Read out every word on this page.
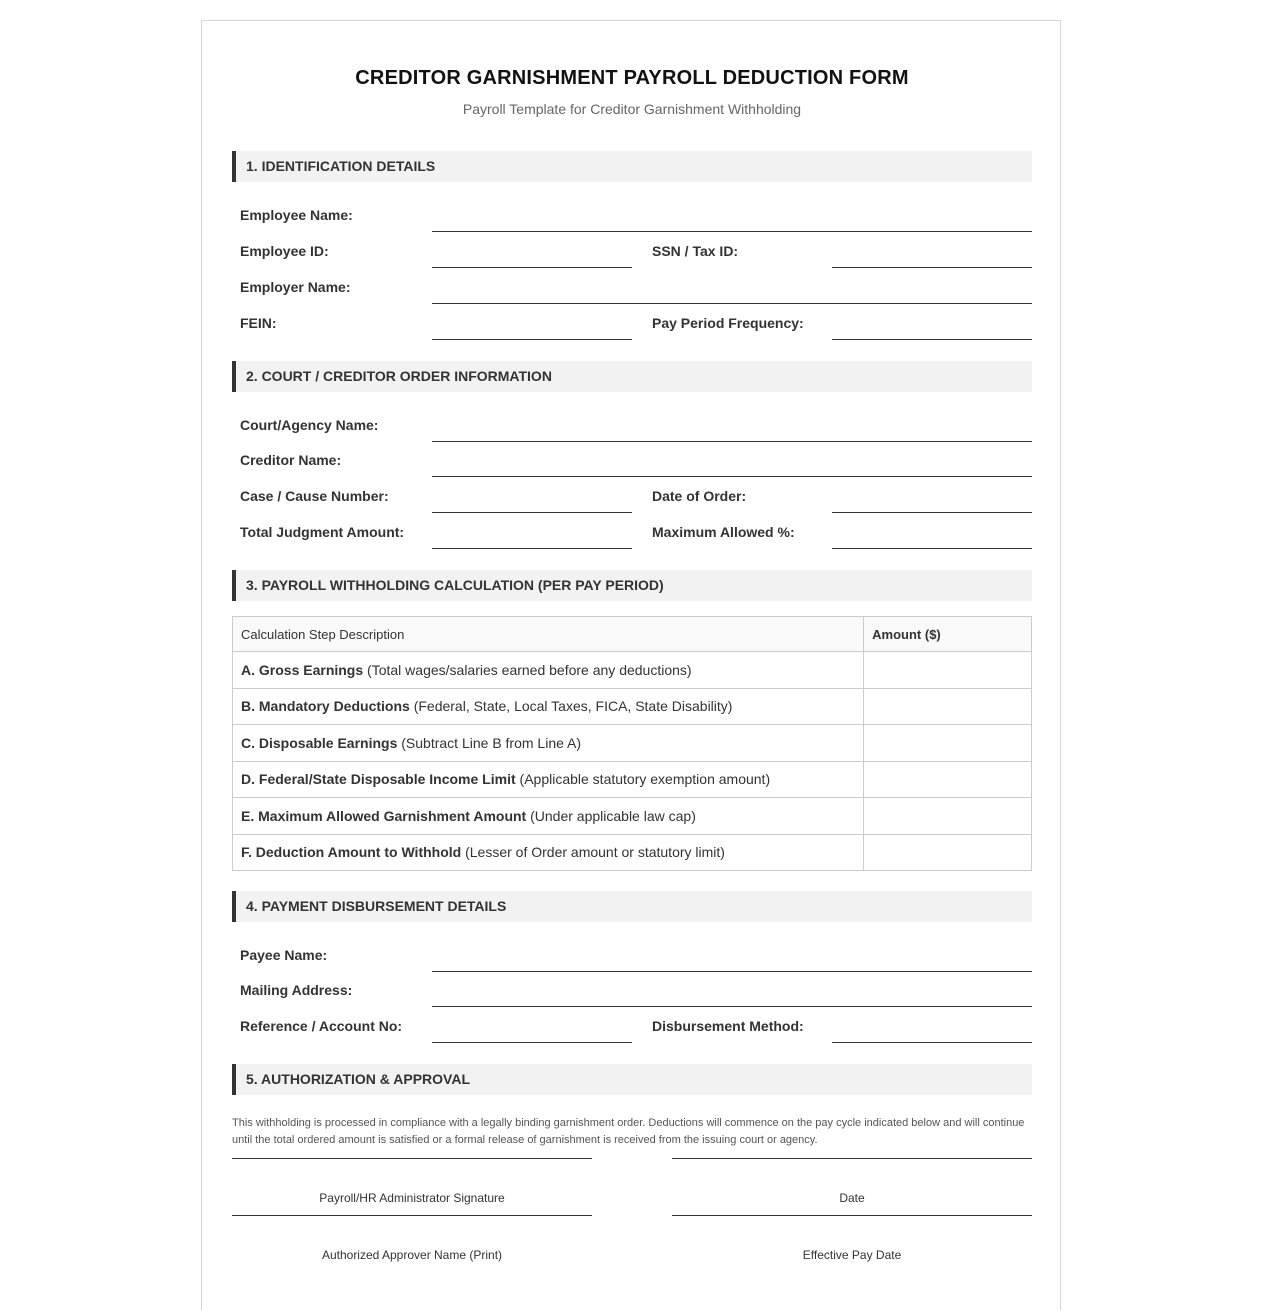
CREDITOR GARNISHMENT PAYROLL DEDUCTION FORM
Payroll Template for Creditor Garnishment Withholding
1. IDENTIFICATION DETAILS
Employee Name:
Employee ID:	SSN / Tax ID:
Employer Name:
FEIN:	Pay Period Frequency:
2. COURT / CREDITOR ORDER INFORMATION
Court/Agency Name:
Creditor Name:
Case / Cause Number:	Date of Order:
Total Judgment Amount:	Maximum Allowed %:
3. PAYROLL WITHHOLDING CALCULATION (PER PAY PERIOD)
Calculation Step Description	Amount ($)
A. Gross Earnings (Total wages/salaries earned before any deductions)	
B. Mandatory Deductions (Federal, State, Local Taxes, FICA, State Disability)	
C. Disposable Earnings (Subtract Line B from Line A)	
D. Federal/State Disposable Income Limit (Applicable statutory exemption amount)	
E. Maximum Allowed Garnishment Amount (Under applicable law cap)	
F. Deduction Amount to Withhold (Lesser of Order amount or statutory limit)	
4. PAYMENT DISBURSEMENT DETAILS
Payee Name:
Mailing Address:
Reference / Account No:	Disbursement Method:
5. AUTHORIZATION & APPROVAL
This withholding is processed in compliance with a legally binding garnishment order. Deductions will commence on the pay cycle indicated below and will continue until the total ordered amount is satisfied or a formal release of garnishment is received from the issuing court or agency.
Payroll/HR Administrator Signature	Date
Authorized Approver Name (Print)	Effective Pay Date
